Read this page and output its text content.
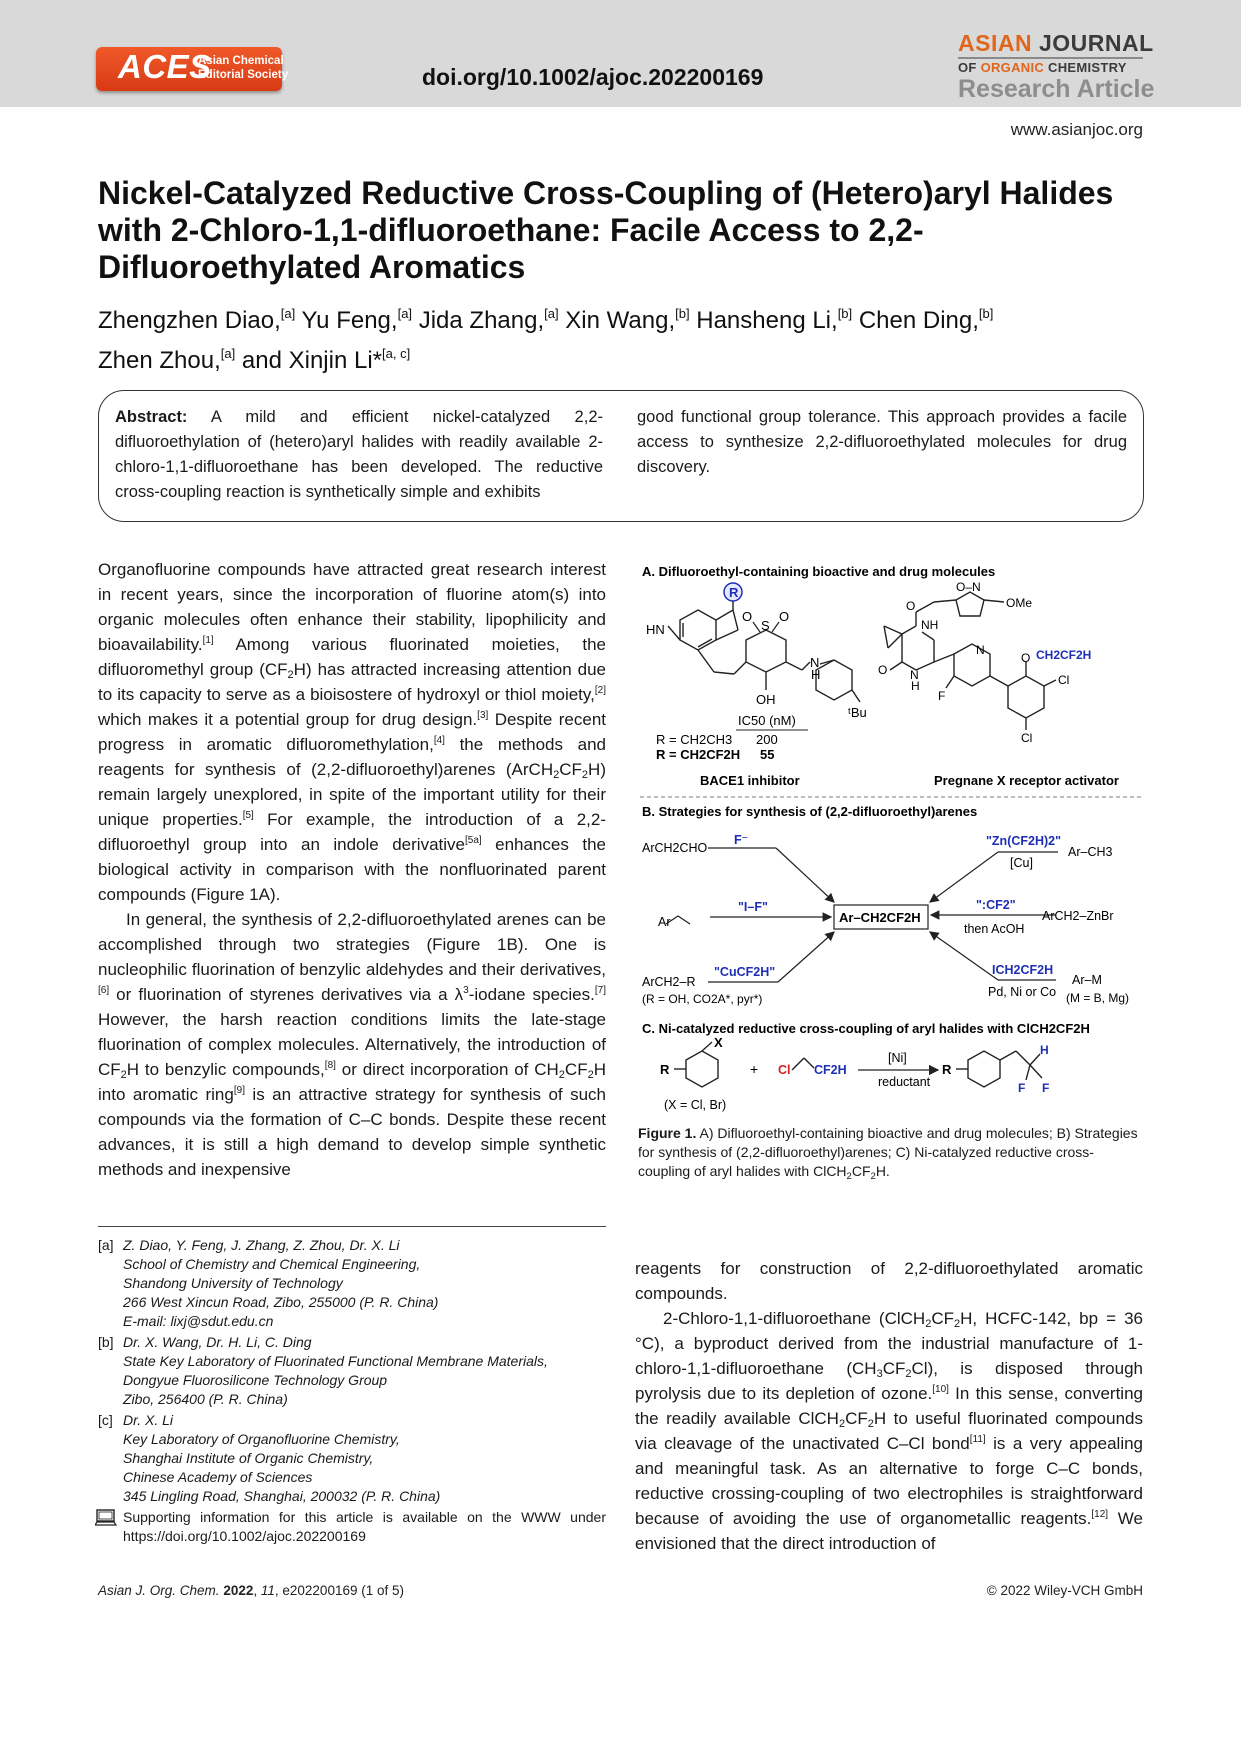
ACES
Asian Chemical
Editorial Society	doi.org/10.1002/ajoc.202200169
ASIAN JOURNAL
OF ORGANIC CHEMISTRY
Research Article
www.asianjoc.org
Nickel-Catalyzed Reductive Cross-Coupling of (Hetero)aryl Halides with 2-Chloro-1,1-difluoroethane: Facile Access to 2,2-Difluoroethylated Aromatics
Zhengzhen Diao,[a] Yu Feng,[a] Jida Zhang,[a] Xin Wang,[b] Hansheng Li,[b] Chen Ding,[b]
Zhen Zhou,[a] and Xinjin Li*[a, c]
Abstract: A mild and efficient nickel-catalyzed 2,2-difluoroethylation of (hetero)aryl halides with readily available 2-chloro-1,1-difluoroethane has been developed. The reductive cross-coupling reaction is synthetically simple and exhibits
good functional group tolerance. This approach provides a facile access to synthesize 2,2-difluoroethylated molecules for drug discovery.

Organofluorine compounds have attracted great research interest in recent years, since the incorporation of fluorine atom(s) into organic molecules often enhance their stability, lipophilicity and bioavailability.[1] Among various fluorinated moieties, the difluoromethyl group $(CF_2H)$ has attracted increasing attention due to its capacity to serve as a bioisostere of hydroxyl or thiol moiety,[2] which makes it a potential group for drug design.[3] Despite recent progress in aromatic difluoromethylation,[4] the methods and reagents for synthesis of (2,2-difluoroethyl)arenes $(ArCH_2CF_2H)$ remain largely unexplored, in spite of the important utility for their unique properties.[5] For example, the introduction of a 2,2-difluoroethyl group into an indole derivative[5a] enhances the biological activity in comparison with the nonfluorinated parent compounds (Figure 1A).

In general, the synthesis of 2,2-difluoroethylated arenes can be accomplished through two strategies (Figure 1B). One is nucleophilic fluorination of benzylic aldehydes and their derivatives,[6] or fluorination of styrenes derivatives via a $\lambda^3$-iodane species.[7] However, the harsh reaction conditions limits the late-stage fluorination of complex molecules. Alternatively, the introduction of $CF_2H$ to benzylic compounds,[8] or direct incorporation of $CH_2CF_2H$ into aromatic ring[9] is an attractive strategy for synthesis of such compounds via the formation of C–C bonds. Despite these recent advances, it is still a high demand to develop simple synthetic methods and inexpensive

[a] Z. Diao, Y. Feng, J. Zhang, Z. Zhou, Dr. X. Li
School of Chemistry and Chemical Engineering,
Shandong University of Technology
266 West Xincun Road, Zibo, 255000 (P. R. China)
E-mail: lixj@sdut.edu.cn
[b] Dr. X. Wang, Dr. H. Li, C. Ding
State Key Laboratory of Fluorinated Functional Membrane Materials,
Dongyue Fluorosilicone Technology Group
Zibo, 256400 (P. R. China)
[c] Dr. X. Li
Key Laboratory of Organofluorine Chemistry,
Shanghai Institute of Organic Chemistry,
Chinese Academy of Sciences
345 Lingling Road, Shanghai, 200032 (P. R. China)
Supporting information for this article is available on the WWW under https://doi.org/10.1002/ajoc.202200169

reagents for construction of 2,2-difluoroethylated aromatic compounds.

2-Chloro-1,1-difluoroethane ($ClCH_2CF_2H$, HCFC-142, bp = 36 °C), a byproduct derived from the industrial manufacture of 1-chloro-1,1-difluoroethane $(CH_3CF_2Cl)$, is disposed through pyrolysis due to its depletion of ozone.[10] In this sense, converting the readily available $ClCH_2CF_2H$ to useful fluorinated compounds via cleavage of the unactivated C–Cl bond[11] is a very appealing and meaningful task. As an alternative to forge C–C bonds, reductive crossing-coupling of two electrophiles is straightforward because of avoiding the use of organometallic reagents.[12] We envisioned that the direct introduction of

A. Difluoroethyl-containing bioactive and drug molecules
R
HN
O
S
O
OH
N
H
ᵗBu
IC50 (nM)
R = CH2CH3 200
R = CH2CF2H 55
BACE1 inhibitor
O–N
OMe
O
NH
O N
H
N
F
O CH2CF2H
Cl
Cl
Pregnane X receptor activator
B. Strategies for synthesis of (2,2-difluoroethyl)arenes
Ar–CH2CF2H
ArCH2CHO
F⁻	"Zn(CF2H)2"
Ar–CH3
[Cu]
Ar
"I–F"	":CF2"
ArCH2–ZnBr
then AcOH
ArCH2–R
"CuCF2H"
(R = OH, CO2A*, pyr*)
ICH2CF2H
Ar–M
Pd, Ni or Co (M = B, Mg)
C. Ni-catalyzed reductive cross-coupling of aryl halides with ClCH2CF2H
X
R	+ Cl CF2H
[Ni]
reductant
R
H
F F
(X = Cl, Br)
Figure 1. A) Difluoroethyl-containing bioactive and drug molecules; B) Strategies for synthesis of (2,2-difluoroethyl)arenes; C) Ni-catalyzed reductive cross-coupling of aryl halides with $ClCH_2CF_2H$.
Asian J. Org. Chem. 2022, 11, e202200169 (1 of 5)	© 2022 Wiley-VCH GmbH
